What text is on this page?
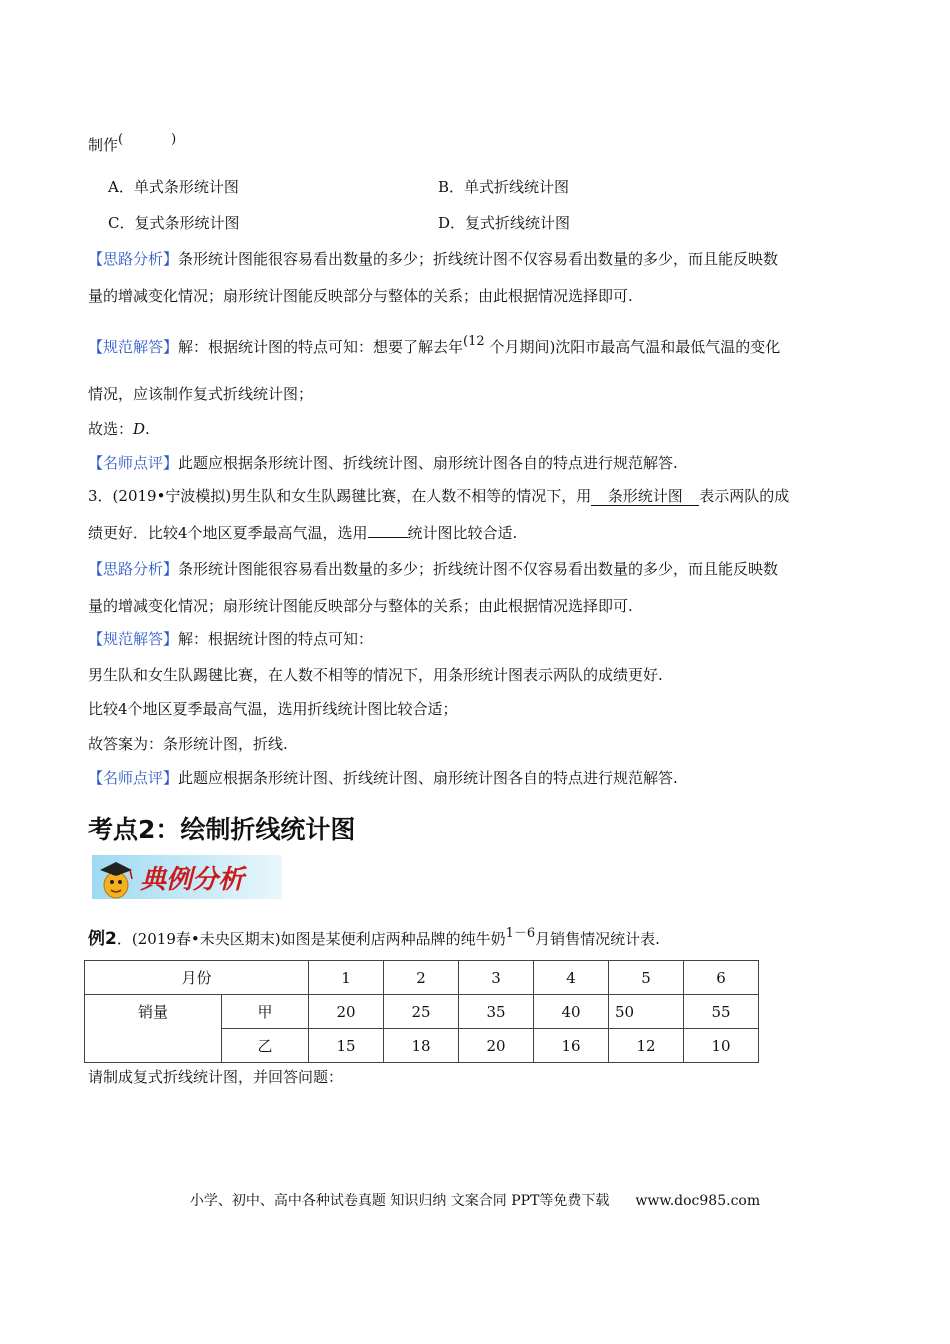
制作(	)
A．单式条形统计图	B．单式折线统计图
C．复式条形统计图	D．复式折线统计图
【思路分析】条形统计图能很容易看出数量的多少；折线统计图不仅容易看出数量的多少，而且能反映数
量的增减变化情况；扇形统计图能反映部分与整体的关系；由此根据情况选择即可.
【规范解答】解：根据统计图的特点可知：想要了解去年(12 个月期间)沈阳市最高气温和最低气温的变化
情况，应该制作复式折线统计图；
故选：D.
【名师点评】此题应根据条形统计图、折线统计图、扇形统计图各自的特点进行规范解答.
3．(2019•宁波模拟)男生队和女生队踢毽比赛，在人数不相等的情况下，用 条形统计图 表示两队的成
绩更好．比较4个地区夏季最高气温，选用	统计图比较合适.
【思路分析】条形统计图能很容易看出数量的多少；折线统计图不仅容易看出数量的多少，而且能反映数
量的增减变化情况；扇形统计图能反映部分与整体的关系；由此根据情况选择即可.
【规范解答】解：根据统计图的特点可知：
男生队和女生队踢毽比赛，在人数不相等的情况下，用条形统计图表示两队的成绩更好.
比较4个地区夏季最高气温，选用折线统计图比较合适；
故答案为：条形统计图，折线.
【名师点评】此题应根据条形统计图、折线统计图、扇形统计图各自的特点进行规范解答.
考点2：绘制折线统计图
典例分析
例2．(2019春•未央区期末)如图是某便利店两种品牌的纯牛奶1－6月销售情况统计表.
月份		1	2	3	4	5	6
销量	甲	20	25	35	40	50	55
	乙	15	18	20	16	12	10
请制成复式折线统计图，并回答问题：
小学、初中、高中各种试卷真题 知识归纳 文案合同 PPT等免费下载 www.doc985.com
